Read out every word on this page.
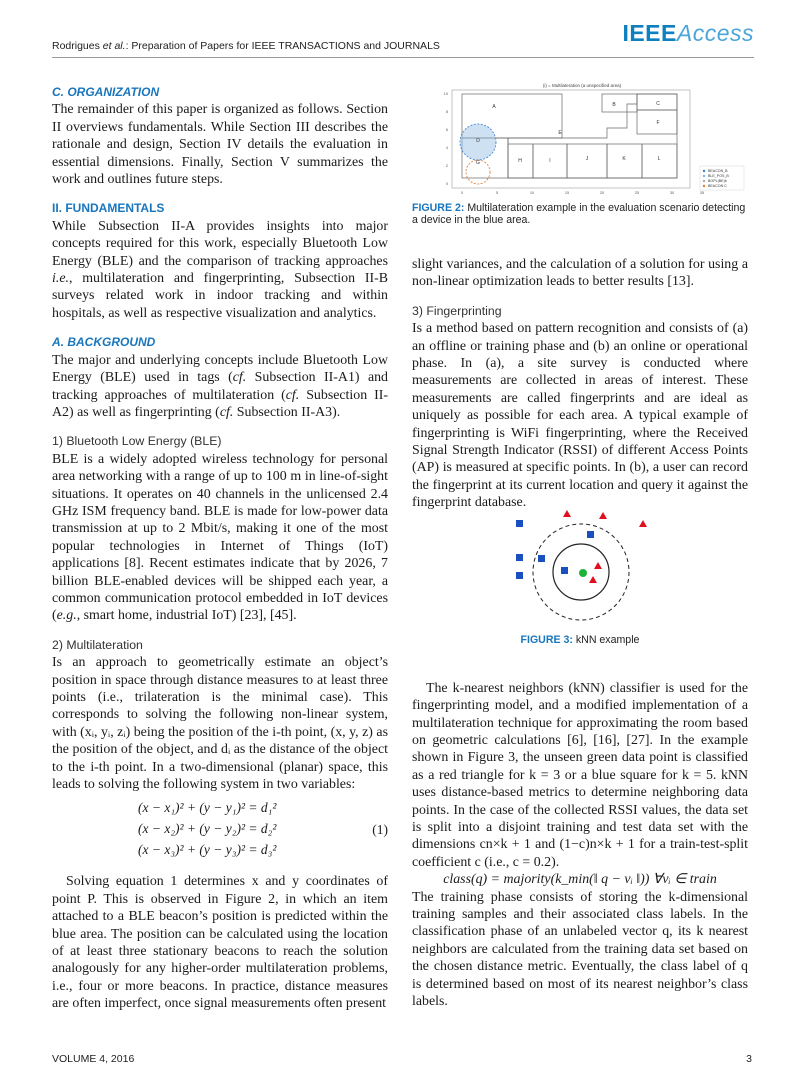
Rodrigues et al.: Preparation of Papers for IEEE TRANSACTIONS and JOURNALS	IEEEAccess

C. ORGANIZATION

The remainder of this paper is organized as follows. Section II overviews fundamentals. While Section III describes the rationale and design, Section IV details the evaluation in essential dimensions. Finally, Section V summarizes the work and outlines future steps.

II. FUNDAMENTALS

While Subsection II-A provides insights into major concepts required for this work, especially Bluetooth Low Energy (BLE) and the comparison of tracking approaches i.e., multilateration and fingerprinting, Subsection II-B surveys related work in indoor tracking and within hospitals, as well as respective visualization and analytics.

A. BACKGROUND

The major and underlying concepts include Bluetooth Low Energy (BLE) used in tags (cf. Subsection II-A1) and tracking approaches of multilateration (cf. Subsection II-A2) as well as fingerprinting (cf. Subsection II-A3).

1) Bluetooth Low Energy (BLE)

BLE is a widely adopted wireless technology for personal area networking with a range of up to 100 m in line-of-sight situations. It operates on 40 channels in the unlicensed 2.4 GHz ISM frequency band. BLE is made for low-power data transmission at up to 2 Mbit/s, making it one of the most popular technologies in Internet of Things (IoT) applications [8]. Recent estimates indicate that by 2026, 7 billion BLE-enabled devices will be shipped each year, a common communication protocol embedded in IoT devices (e.g., smart home, industrial IoT) [23], [45].

2) Multilateration

Is an approach to geometrically estimate an object’s position in space through distance measures to at least three points (i.e., trilateration is the minimal case). This corresponds to solving the following non-linear system, with (xᵢ, yᵢ, zᵢ) being the position of the i-th point, (x, y, z) as the position of the object, and dᵢ as the distance of the object to the i-th point. In a two-dimensional (planar) space, this leads to solving the following system in two variables:

(x − x₁)² + (y − y₁)² = d₁²
(x − x₂)² + (y − y₂)² = d₂²
(x − x₃)² + (y − y₃)² = d₃²
(1)

Solving equation 1 determines x and y coordinates of point P. This is observed in Figure 2, in which an item attached to a BLE beacon’s position is predicted within the blue area. The position can be calculated using the location of at least three stationary beacons to reach the solution analogously for any higher-order multilateration problems, i.e., four or more beacons. In practice, distance measures are often imperfect, once signal measurements often present

(i) = Multilateration (a unspecified area)
A	B	C
D
E
F
G	H	I	J	K	L
10
8
6
4
2
0
0	5	10	15	20	25	30	35
BEACON_B
BLE_POS_B
BOPL(BE)b
BEACON C
FIGURE 2: Multilateration example in the evaluation scenario detecting a device in the blue area.

slight variances, and the calculation of a solution for using a non-linear optimization leads to better results [13].

3) Fingerprinting

Is a method based on pattern recognition and consists of (a) an offline or training phase and (b) an online or operational phase. In (a), a site survey is conducted where measurements are collected in areas of interest. These measurements are called fingerprints and are ideal as uniquely as possible for each area. A typical example of fingerprinting is WiFi fingerprinting, where the Received Signal Strength Indicator (RSSI) of different Access Points (AP) is measured at specific points. In (b), a user can record the fingerprint at its current location and query it against the fingerprint database.

The k-nearest neighbors (kNN) classifier is used for the fingerprinting model, and a modified implementation of a multilateration technique for approximating the room based on geometric calculations [6], [16], [27]. In the example shown in Figure 3, the unseen green data point is classified as a red triangle for k = 3 or a blue square for k = 5. kNN uses distance-based metrics to determine neighboring data points. In the case of the collected RSSI values, the data set is split into a disjoint training and test data set with the dimensions cn×k + 1 and (1−c)n×k + 1 for a train-test-split coefficient c (i.e., c = 0.2).

class(q) = majority(k_min(‖ q − vᵢ ‖)) ∀vᵢ ∈ train

The training phase consists of storing the k-dimensional training samples and their associated class labels. In the classification phase of an unlabeled vector q, its k nearest neighbors are calculated from the training data set based on the chosen distance metric. Eventually, the class label of q is determined based on most of its nearest neighbor’s class labels.

FIGURE 3: kNN example
VOLUME 4, 2016	3
